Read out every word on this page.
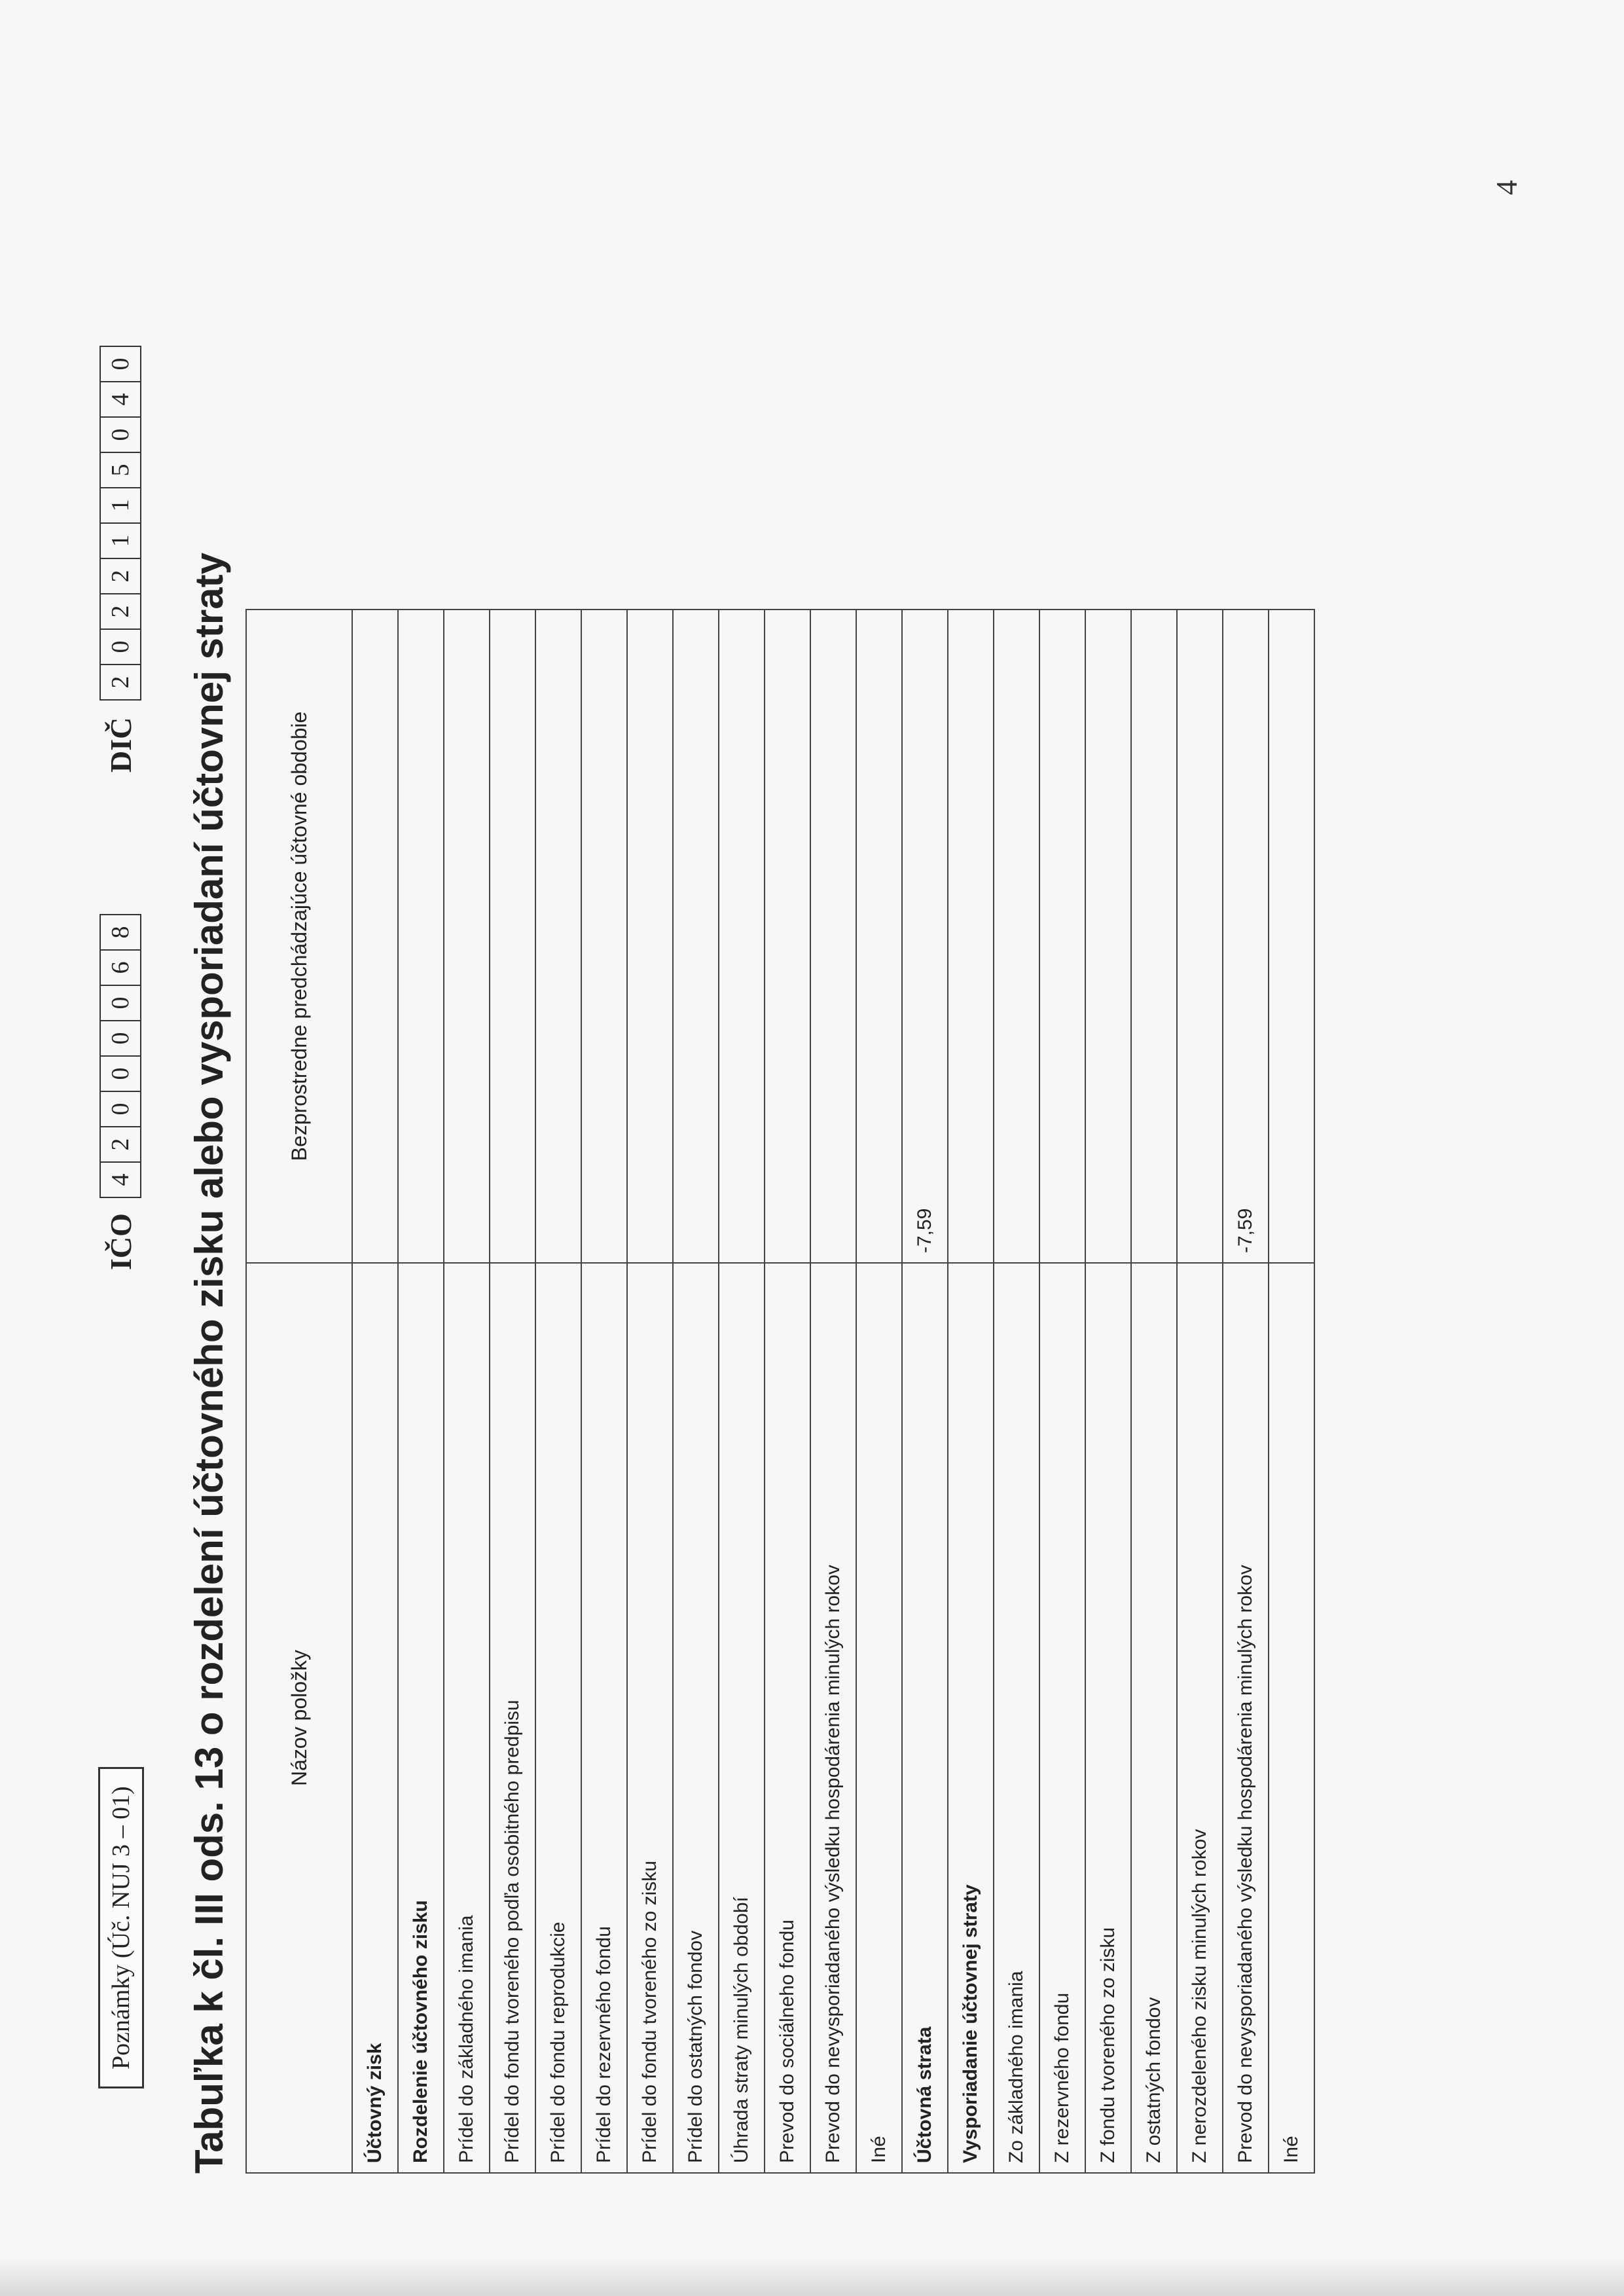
4
Poznámky (Úč. NUJ 3 – 01)
IČO
4
2
0
0
0
0
6
8
DIČ
2
0
2
2
1
1
5
0
4
0
Tabuľka k čl. III ods. 13 o rozdelení účtovného zisku alebo vysporiadaní účtovnej straty	Názov položky	Bezprostredne predchádzajúce účtovné obdobie
Účtovný zisk	
Rozdelenie účtovného zisku	
Prídel do základného imania	
Prídel do fondu tvoreného podľa osobitného predpisu	
Prídel do fondu reprodukcie	
Prídel do rezervného fondu	
Prídel do fondu tvoreného zo zisku	
Prídel do ostatných fondov	
Úhrada straty minulých období	
Prevod do sociálneho fondu	
Prevod do nevysporiadaného výsledku hospodárenia minulých rokov	
Iné	
Účtovná strata	-7,59
Vysporiadanie účtovnej straty	
Zo základného imania	
Z rezervného fondu	
Z fondu tvoreného zo zisku	
Z ostatných fondov	
Z nerozdeleného zisku minulých rokov	
Prevod do nevysporiadaného výsledku hospodárenia minulých rokov	-7,59
Iné	
